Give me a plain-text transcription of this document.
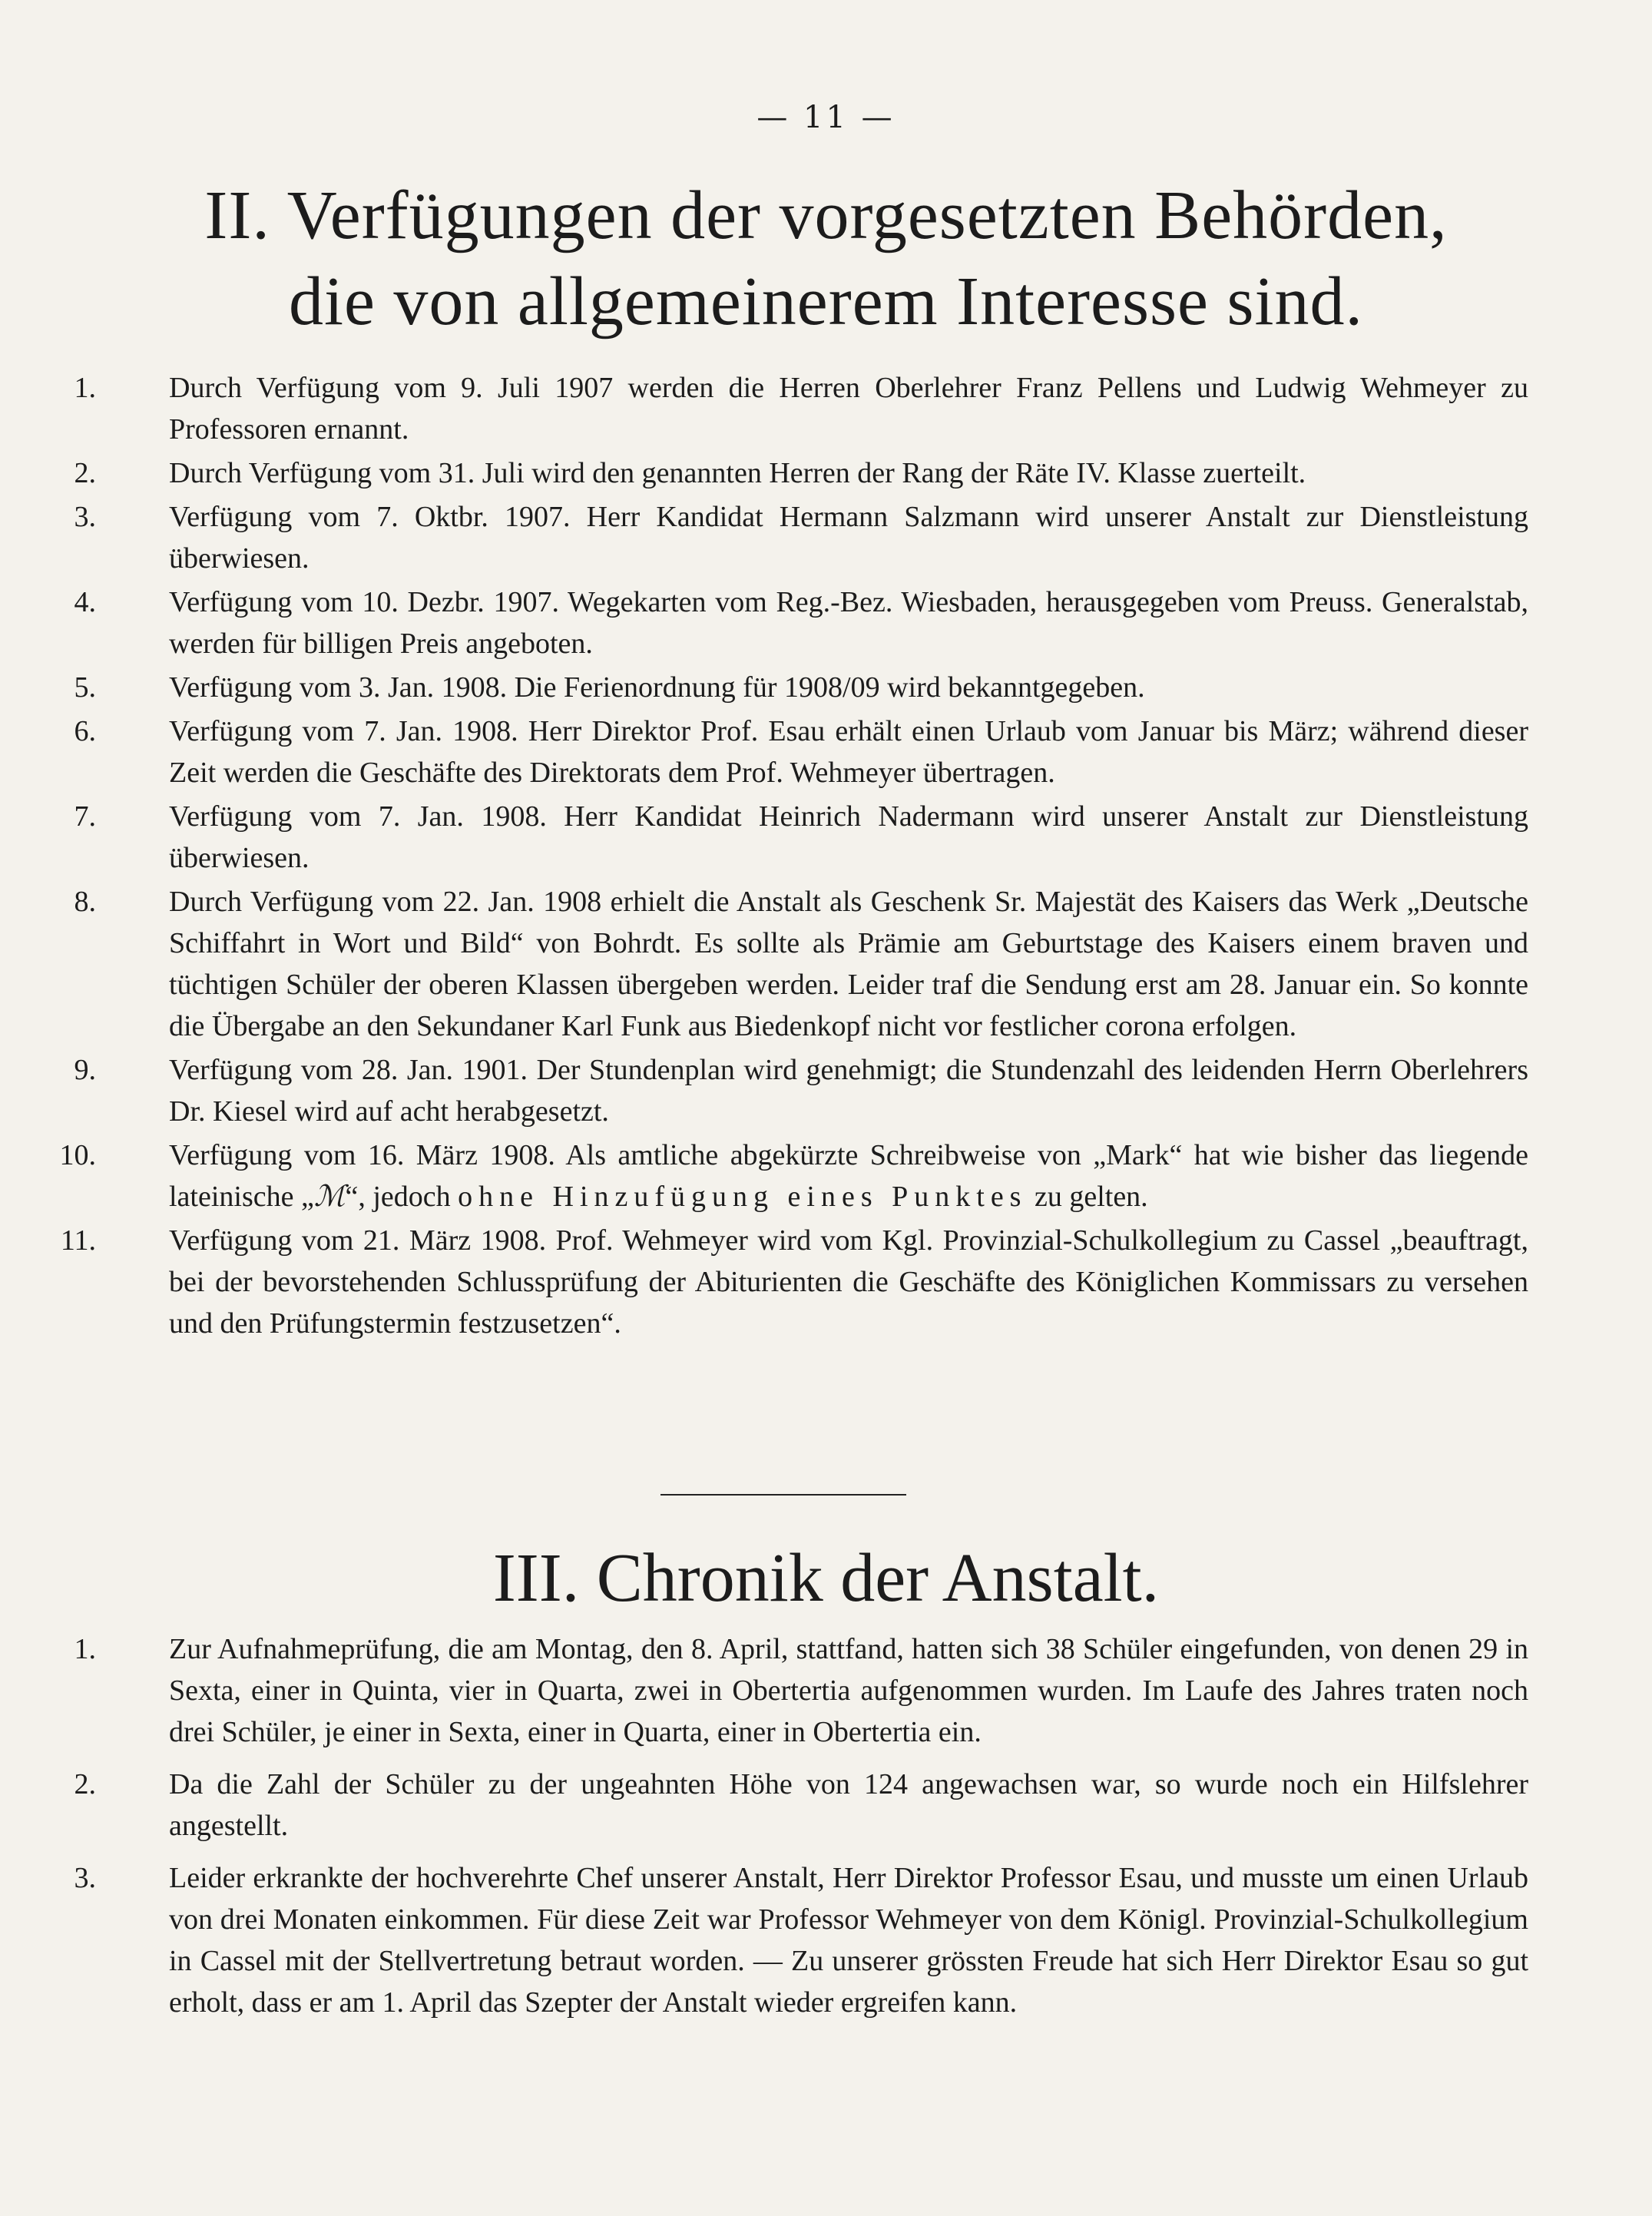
— 11 —
II. Verfügungen der vorgesetzten Behörden,
die von allgemeinerem Interesse sind.
1.	Durch Verfügung vom 9. Juli 1907 werden die Herren Oberlehrer Franz Pellens und Ludwig Wehmeyer zu Professoren ernannt.
2.	Durch Verfügung vom 31. Juli wird den genannten Herren der Rang der Räte IV. Klasse zuerteilt.
3.	Verfügung vom 7. Oktbr. 1907. Herr Kandidat Hermann Salzmann wird unserer Anstalt zur Dienstleistung überwiesen.
4.	Verfügung vom 10. Dezbr. 1907. Wegekarten vom Reg.-Bez. Wiesbaden, herausgegeben vom Preuss. Generalstab, werden für billigen Preis angeboten.
5.	Verfügung vom 3. Jan. 1908. Die Ferienordnung für 1908/09 wird bekanntgegeben.
6.	Verfügung vom 7. Jan. 1908. Herr Direktor Prof. Esau erhält einen Urlaub vom Januar bis März; während dieser Zeit werden die Geschäfte des Direktorats dem Prof. Wehmeyer übertragen.
7.	Verfügung vom 7. Jan. 1908. Herr Kandidat Heinrich Nadermann wird unserer Anstalt zur Dienstleistung überwiesen.
8.	Durch Verfügung vom 22. Jan. 1908 erhielt die Anstalt als Geschenk Sr. Majestät des Kaisers das Werk „Deutsche Schiffahrt in Wort und Bild“ von Bohrdt. Es sollte als Prämie am Geburtstage des Kaisers einem braven und tüchtigen Schüler der oberen Klassen übergeben werden. Leider traf die Sendung erst am 28. Januar ein. So konnte die Übergabe an den Sekundaner Karl Funk aus Biedenkopf nicht vor festlicher corona erfolgen.
9.	Verfügung vom 28. Jan. 1901. Der Stundenplan wird genehmigt; die Stundenzahl des leidenden Herrn Oberlehrers Dr. Kiesel wird auf acht herabgesetzt.
10.	Verfügung vom 16. März 1908. Als amtliche abgekürzte Schreibweise von „Mark“ hat wie bisher das liegende lateinische „ℳ“, jedoch ohne Hinzufügung eines Punktes zu gelten.
11.	Verfügung vom 21. März 1908. Prof. Wehmeyer wird vom Kgl. Provinzial-Schulkollegium zu Cassel „beauftragt, bei der bevorstehenden Schlussprüfung der Abiturienten die Geschäfte des Königlichen Kommissars zu versehen und den Prüfungstermin festzusetzen“.
III. Chronik der Anstalt.
1.	Zur Aufnahmeprüfung, die am Montag, den 8. April, stattfand, hatten sich 38 Schüler eingefunden, von denen 29 in Sexta, einer in Quinta, vier in Quarta, zwei in Obertertia aufgenommen wurden. Im Laufe des Jahres traten noch drei Schüler, je einer in Sexta, einer in Quarta, einer in Obertertia ein.
2.	Da die Zahl der Schüler zu der ungeahnten Höhe von 124 angewachsen war, so wurde noch ein Hilfslehrer angestellt.
3.	Leider erkrankte der hochverehrte Chef unserer Anstalt, Herr Direktor Professor Esau, und musste um einen Urlaub von drei Monaten einkommen. Für diese Zeit war Professor Wehmeyer von dem Königl. Provinzial-Schulkollegium in Cassel mit der Stellvertretung betraut worden. — Zu unserer grössten Freude hat sich Herr Direktor Esau so gut erholt, dass er am 1. April das Szepter der Anstalt wieder ergreifen kann.
